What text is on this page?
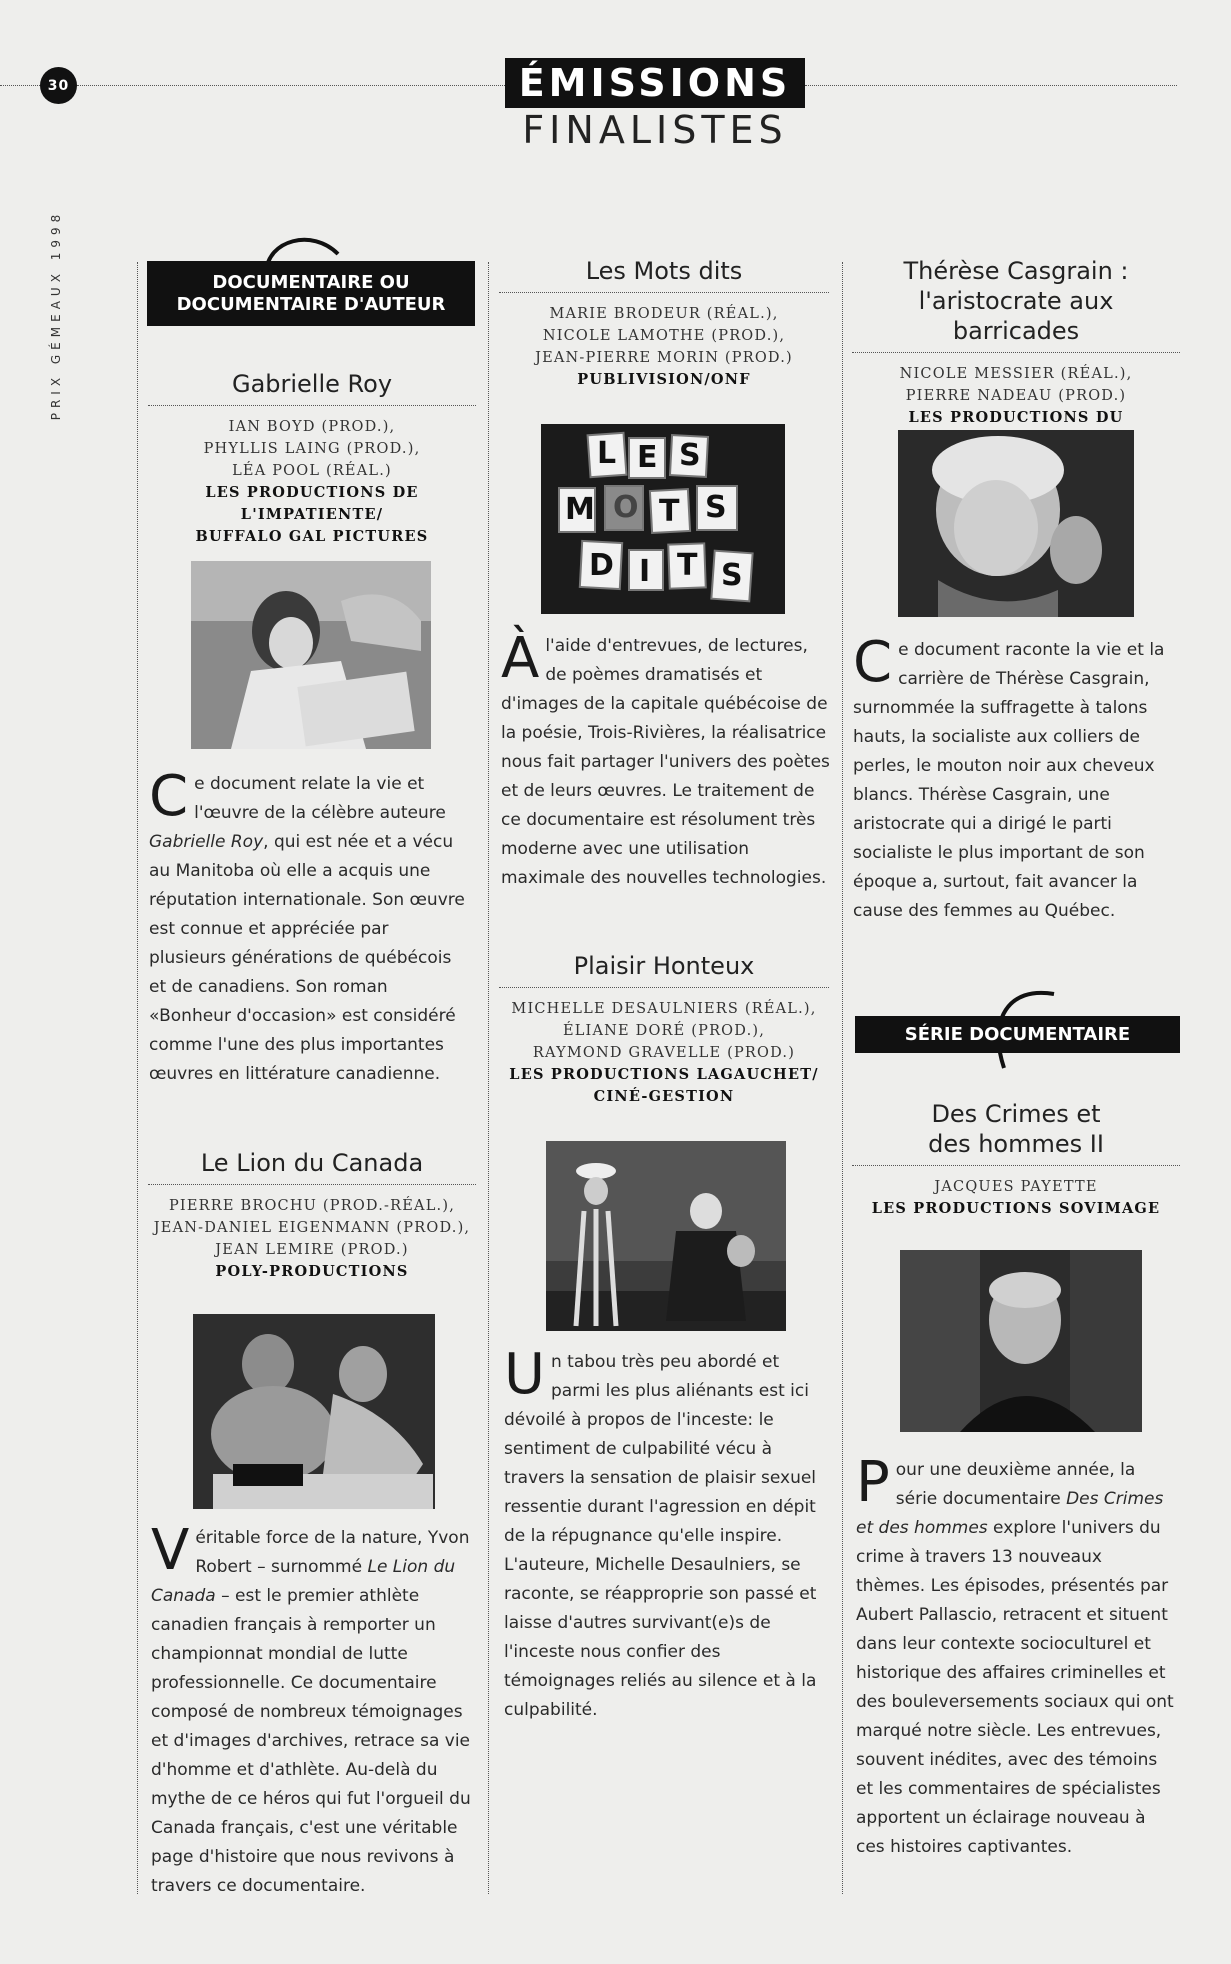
30
PRIX GÉMEAUX 1998
ÉMISSIONS
FINALISTES
DOCUMENTAIRE OU
DOCUMENTAIRE D'AUTEUR
Gabrielle Roy
IAN BOYD (PROD.),
PHYLLIS LAING (PROD.),
LÉA POOL (RÉAL.)
LES PRODUCTIONS DE L'IMPATIENTE/
BUFFALO GAL PICTURES
Ce document relate la vie et l'œuvre de la célèbre auteure Gabrielle Roy, qui est née et a vécu au Manitoba où elle a acquis une réputation internationale. Son œuvre est connue et appréciée par plusieurs générations de québécois et de canadiens. Son roman «Bonheur d'occasion» est considéré comme l'une des plus importantes œuvres en littérature canadienne.
Le Lion du Canada
PIERRE BROCHU (PROD.-RÉAL.),
JEAN-DANIEL EIGENMANN (PROD.),
JEAN LEMIRE (PROD.)
POLY-PRODUCTIONS
Véritable force de la nature, Yvon Robert – surnommé Le Lion du Canada – est le premier athlète canadien français à remporter un championnat mondial de lutte professionnelle. Ce documentaire composé de nombreux témoignages et d'images d'archives, retrace sa vie d'homme et d'athlète. Au-delà du mythe de ce héros qui fut l'orgueil du Canada français, c'est une véritable page d'histoire que nous revivons à travers ce documentaire.
Les Mots dits
MARIE BRODEUR (RÉAL.),
NICOLE LAMOTHE (PROD.),
JEAN-PIERRE MORIN (PROD.)
PUBLIVISION/ONF
L E S
M O T S
D I T S
Àl'aide d'entrevues, de lectures, de poèmes dramatisés et d'images de la capitale québécoise de la poésie, Trois-Rivières, la réalisatrice nous fait partager l'univers des poètes et de leurs œuvres. Le traitement de ce documentaire est résolument très moderne avec une utilisation maximale des nouvelles technologies.
Plaisir Honteux
MICHELLE DESAULNIERS (RÉAL.),
ÉLIANE DORÉ (PROD.),
RAYMOND GRAVELLE (PROD.)
LES PRODUCTIONS LAGAUCHET/
CINÉ-GESTION
Un tabou très peu abordé et parmi les plus aliénants est ici dévoilé à propos de l'inceste: le sentiment de culpabilité vécu à travers la sensation de plaisir sexuel ressentie durant l'agression en dépit de la répugnance qu'elle inspire. L'auteure, Michelle Desaulniers, se raconte, se réapproprie son passé et laisse d'autres survivant(e)s de l'inceste nous confier des témoignages reliés au silence et à la culpabilité.
Thérèse Casgrain :
l'aristocrate aux barricades
NICOLE MESSIER (RÉAL.),
PIERRE NADEAU (PROD.)
LES PRODUCTIONS DU
Ce document raconte la vie et la carrière de Thérèse Casgrain, surnommée la suffragette à talons hauts, la socialiste aux colliers de perles, le mouton noir aux cheveux blancs. Thérèse Casgrain, une aristocrate qui a dirigé le parti socialiste le plus important de son époque a, surtout, fait avancer la cause des femmes au Québec.
SÉRIE DOCUMENTAIRE
Des Crimes et
des hommes II
JACQUES PAYETTE
LES PRODUCTIONS SOVIMAGE
Pour une deuxième année, la série documentaire Des Crimes et des hommes explore l'univers du crime à travers 13 nouveaux thèmes. Les épisodes, présentés par Aubert Pallascio, retracent et situent dans leur contexte socioculturel et historique des affaires criminelles et des bouleversements sociaux qui ont marqué notre siècle. Les entrevues, souvent inédites, avec des témoins et les commentaires de spécialistes apportent un éclairage nouveau à ces histoires captivantes.
